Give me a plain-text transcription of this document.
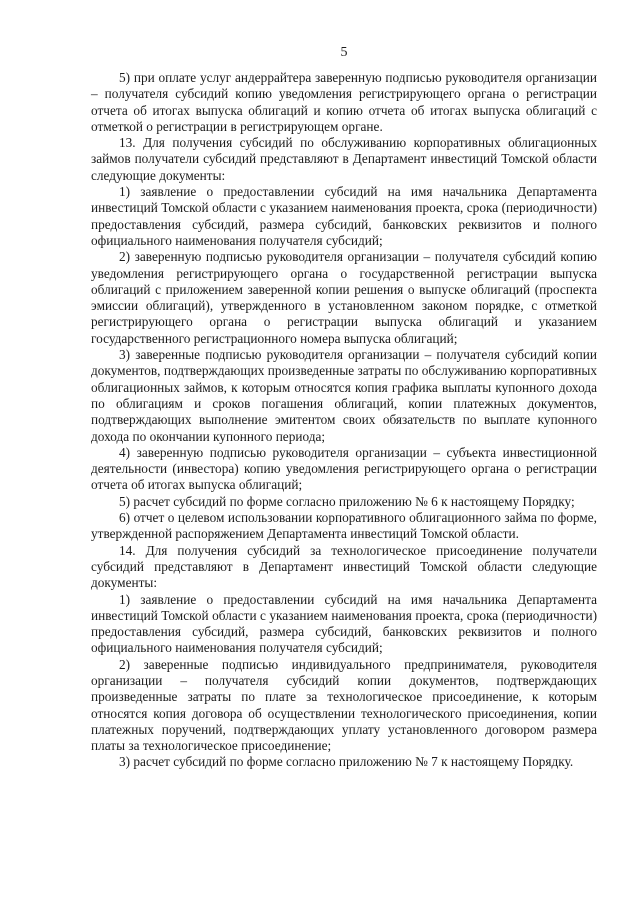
5

5) при оплате услуг андеррайтера заверенную подписью руководителя организации – получателя субсидий копию уведомления регистрирующего органа о регистрации отчета об итогах выпуска облигаций и копию отчета об итогах выпуска облигаций с отметкой о регистрации в регистрирующем органе.

13. Для получения субсидий по обслуживанию корпоративных облигационных займов получатели субсидий представляют в Департамент инвестиций Томской области следующие документы:

1) заявление о предоставлении субсидий на имя начальника Департамента инвестиций Томской области с указанием наименования проекта, срока (периодичности) предоставления субсидий, размера субсидий, банковских реквизитов и полного официального наименования получателя субсидий;

2) заверенную подписью руководителя организации – получателя субсидий копию уведомления регистрирующего органа о государственной регистрации выпуска облигаций с приложением заверенной копии решения о выпуске облигаций (проспекта эмиссии облигаций), утвержденного в установленном законом порядке, с отметкой регистрирующего органа о регистрации выпуска облигаций и указанием государственного регистрационного номера выпуска облигаций;

3) заверенные подписью руководителя организации – получателя субсидий копии документов, подтверждающих произведенные затраты по обслуживанию корпоративных облигационных займов, к которым относятся копия графика выплаты купонного дохода по облигациям и сроков погашения облигаций, копии платежных документов, подтверждающих выполнение эмитентом своих обязательств по выплате купонного дохода по окончании купонного периода;

4) заверенную подписью руководителя организации – субъекта инвестиционной деятельности (инвестора) копию уведомления регистрирующего органа о регистрации отчета об итогах выпуска облигаций;

5) расчет субсидий по форме согласно приложению № 6 к настоящему Порядку;

6) отчет о целевом использовании корпоративного облигационного займа по форме, утвержденной распоряжением Департамента инвестиций Томской области.

14. Для получения субсидий за технологическое присоединение получатели субсидий представляют в Департамент инвестиций Томской области следующие документы:

1) заявление о предоставлении субсидий на имя начальника Департамента инвестиций Томской области с указанием наименования проекта, срока (периодичности) предоставления субсидий, размера субсидий, банковских реквизитов и полного официального наименования получателя субсидий;

2) заверенные подписью индивидуального предпринимателя, руководителя организации – получателя субсидий копии документов, подтверждающих произведенные затраты по плате за технологическое присоединение, к которым относятся копия договора об осуществлении технологического присоединения, копии платежных поручений, подтверждающих уплату установленного договором размера платы за технологическое присоединение;

3) расчет субсидий по форме согласно приложению № 7 к настоящему Порядку.
